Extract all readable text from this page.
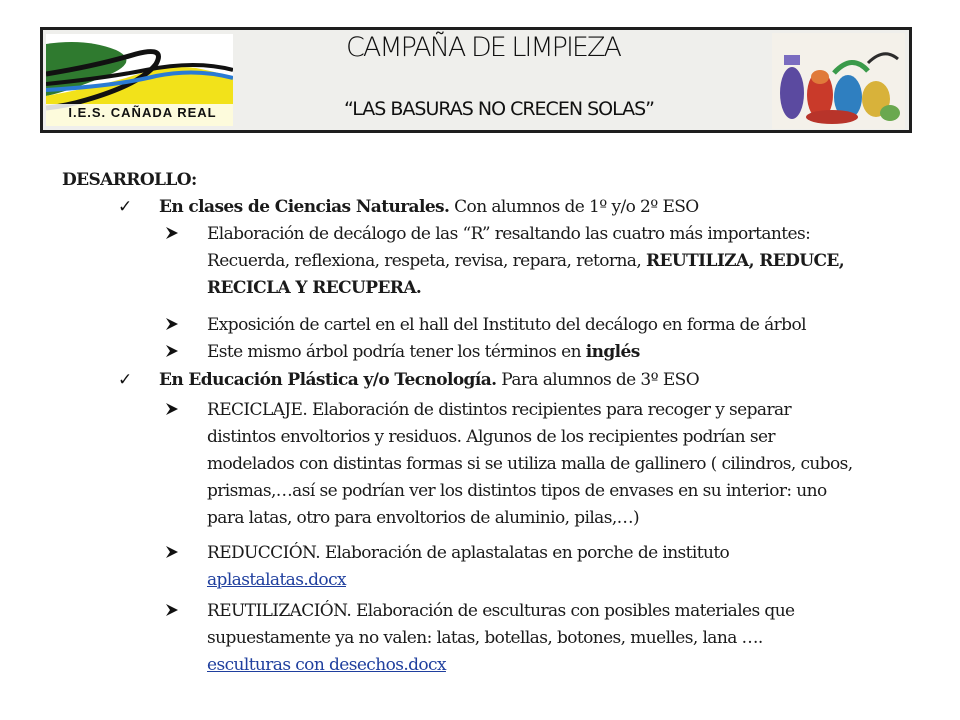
I.E.S. CAÑADA REAL
CAMPAÑA DE LIMPIEZA
“LAS BASURAS NO CRECEN SOLAS”
DESARROLLO:
✓ En clases de Ciencias Naturales. Con alumnos de 1º y/o 2º ESO
Elaboración de decálogo de las “R” resaltando las cuatro más importantes:
Recuerda, reflexiona, respeta, revisa, repara, retorna, REUTILIZA, REDUCE,
RECICLA Y RECUPERA.
Exposición de cartel en el hall del Instituto del decálogo en forma de árbol
Este mismo árbol podría tener los términos en inglés
✓ En Educación Plástica y/o Tecnología. Para alumnos de 3º ESO
RECICLAJE. Elaboración de distintos recipientes para recoger y separar
distintos envoltorios y residuos. Algunos de los recipientes podrían ser
modelados con distintas formas si se utiliza malla de gallinero ( cilindros, cubos,
prismas,…así se podrían ver los distintos tipos de envases en su interior: uno
para latas, otro para envoltorios de aluminio, pilas,…)
REDUCCIÓN. Elaboración de aplastalatas en porche de instituto
aplastalatas.docx
REUTILIZACIÓN. Elaboración de esculturas con posibles materiales que
supuestamente ya no valen: latas, botellas, botones, muelles, lana ….
esculturas con desechos.docx
